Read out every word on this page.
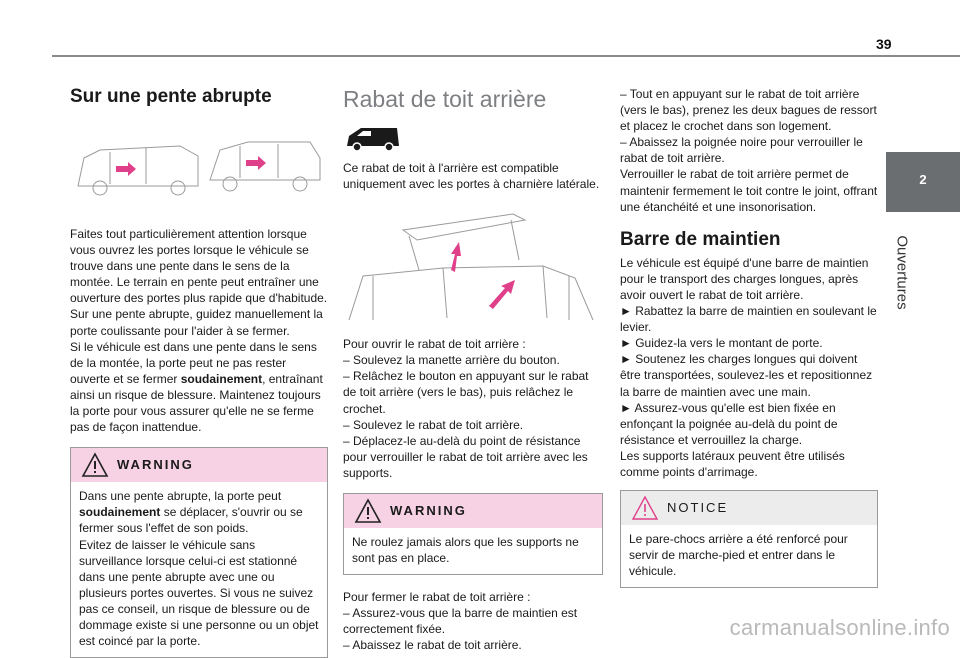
39
2
Ouvertures
Sur une pente abrupte

Faites tout particulièrement attention lorsque vous ouvrez les portes lorsque le véhicule se trouve dans une pente dans le sens de la montée. Le terrain en pente peut entraîner une ouverture des portes plus rapide que d'habitude. Sur une pente abrupte, guidez manuellement la porte coulissante pour l'aider à se fermer.
Si le véhicule est dans une pente dans le sens de la montée, la porte peut ne pas rester ouverte et se fermer soudainement, entraînant ainsi un risque de blessure. Maintenez toujours la porte pour vous assurer qu'elle ne se ferme pas de façon inattendue.

WARNING
Dans une pente abrupte, la porte peut soudainement se déplacer, s'ouvrir ou se fermer sous l'effet de son poids.
Evitez de laisser le véhicule sans surveillance lorsque celui-ci est stationné dans une pente abrupte avec une ou plusieurs portes ouvertes. Si vous ne suivez pas ce conseil, un risque de blessure ou de dommage existe si une personne ou un objet est coincé par la porte.
Rabat de toit arrière

Ce rabat de toit à l'arrière est compatible uniquement avec les portes à charnière latérale.

Pour ouvrir le rabat de toit arrière :
– Soulevez la manette arrière du bouton.
– Relâchez le bouton en appuyant sur le rabat de toit arrière (vers le bas), puis relâchez le crochet.
– Soulevez le rabat de toit arrière.
– Déplacez-le au-delà du point de résistance pour verrouiller le rabat de toit arrière avec les supports.

WARNING
Ne roulez jamais alors que les supports ne sont pas en place.

Pour fermer le rabat de toit arrière :
– Assurez-vous que la barre de maintien est correctement fixée.
– Abaissez le rabat de toit arrière.

– Tout en appuyant sur le rabat de toit arrière (vers le bas), prenez les deux bagues de ressort et placez le crochet dans son logement.
– Abaissez la poignée noire pour verrouiller le rabat de toit arrière.
Verrouiller le rabat de toit arrière permet de maintenir fermement le toit contre le joint, offrant une étanchéité et une insonorisation.

Barre de maintien

Le véhicule est équipé d'une barre de maintien pour le transport des charges longues, après avoir ouvert le rabat de toit arrière.
► Rabattez la barre de maintien en soulevant le levier.
► Guidez-la vers le montant de porte.
► Soutenez les charges longues qui doivent être transportées, soulevez-les et repositionnez la barre de maintien avec une main.
► Assurez-vous qu'elle est bien fixée en enfonçant la poignée au-delà du point de résistance et verrouillez la charge.
Les supports latéraux peuvent être utilisés comme points d'arrimage.

NOTICE
Le pare-chocs arrière a été renforcé pour servir de marche-pied et entrer dans le véhicule.
carmanualsonline.info
